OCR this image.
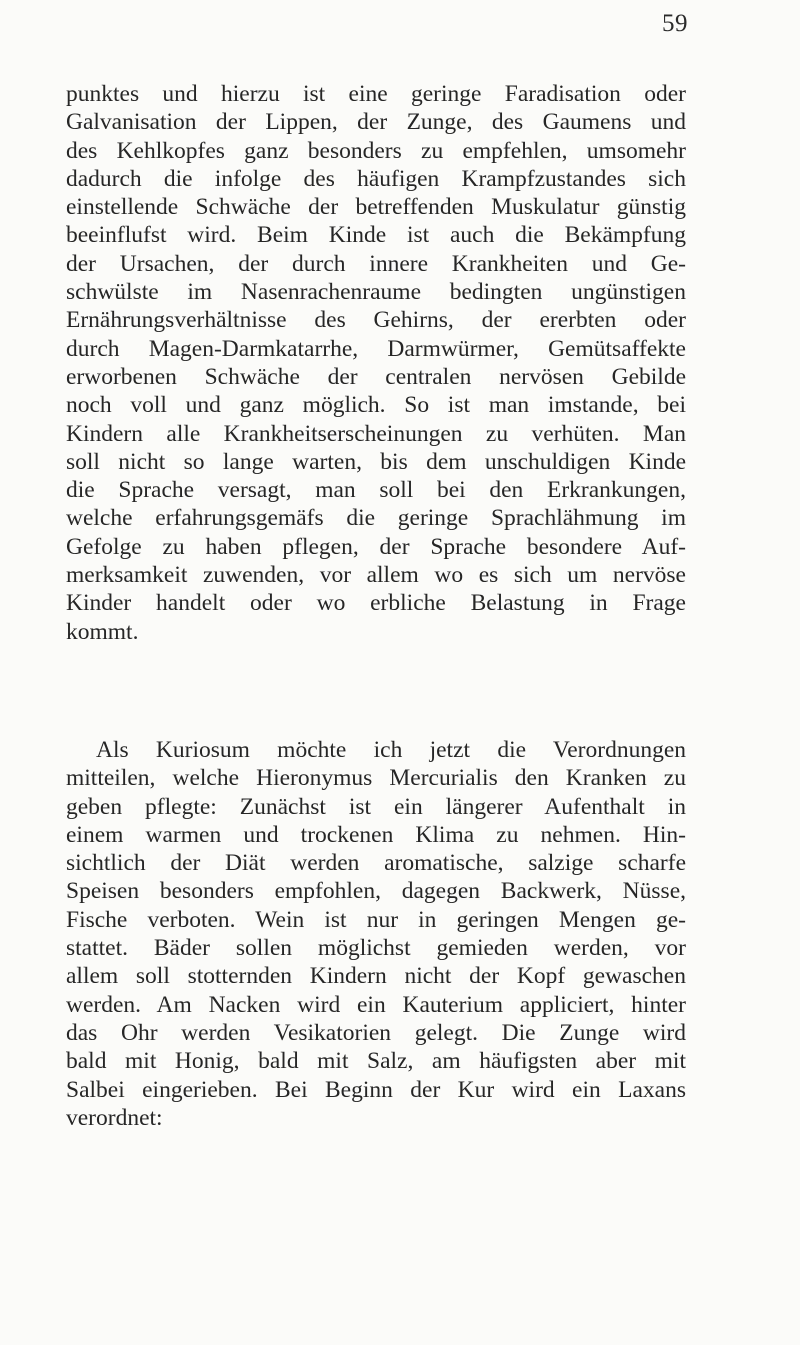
59
punktes und hierzu ist eine geringe Faradisation oder
Galvanisation der Lippen, der Zunge, des Gaumens und
des Kehlkopfes ganz besonders zu empfehlen, umsomehr
dadurch die infolge des häufigen Krampfzustandes sich
einstellende Schwäche der betreffenden Muskulatur günstig
beeinflufst wird. Beim Kinde ist auch die Bekämpfung
der Ursachen, der durch innere Krankheiten und Ge-
schwülste im Nasenrachenraume bedingten ungünstigen
Ernährungsverhältnisse des Gehirns, der ererbten oder
durch Magen-Darmkatarrhe, Darmwürmer, Gemütsaffekte
erworbenen Schwäche der centralen nervösen Gebilde
noch voll und ganz möglich. So ist man imstande, bei
Kindern alle Krankheitserscheinungen zu verhüten. Man
soll nicht so lange warten, bis dem unschuldigen Kinde
die Sprache versagt, man soll bei den Erkrankungen,
welche erfahrungsgemäfs die geringe Sprachlähmung im
Gefolge zu haben pflegen, der Sprache besondere Auf-
merksamkeit zuwenden, vor allem wo es sich um nervöse
Kinder handelt oder wo erbliche Belastung in Frage
kommt.
Als Kuriosum möchte ich jetzt die Verordnungen
mitteilen, welche Hieronymus Mercurialis den Kranken zu
geben pflegte: Zunächst ist ein längerer Aufenthalt in
einem warmen und trockenen Klima zu nehmen. Hin-
sichtlich der Diät werden aromatische, salzige scharfe
Speisen besonders empfohlen, dagegen Backwerk, Nüsse,
Fische verboten. Wein ist nur in geringen Mengen ge-
stattet. Bäder sollen möglichst gemieden werden, vor
allem soll stotternden Kindern nicht der Kopf gewaschen
werden. Am Nacken wird ein Kauterium appliciert, hinter
das Ohr werden Vesikatorien gelegt. Die Zunge wird
bald mit Honig, bald mit Salz, am häufigsten aber mit
Salbei eingerieben. Bei Beginn der Kur wird ein Laxans
verordnet:
